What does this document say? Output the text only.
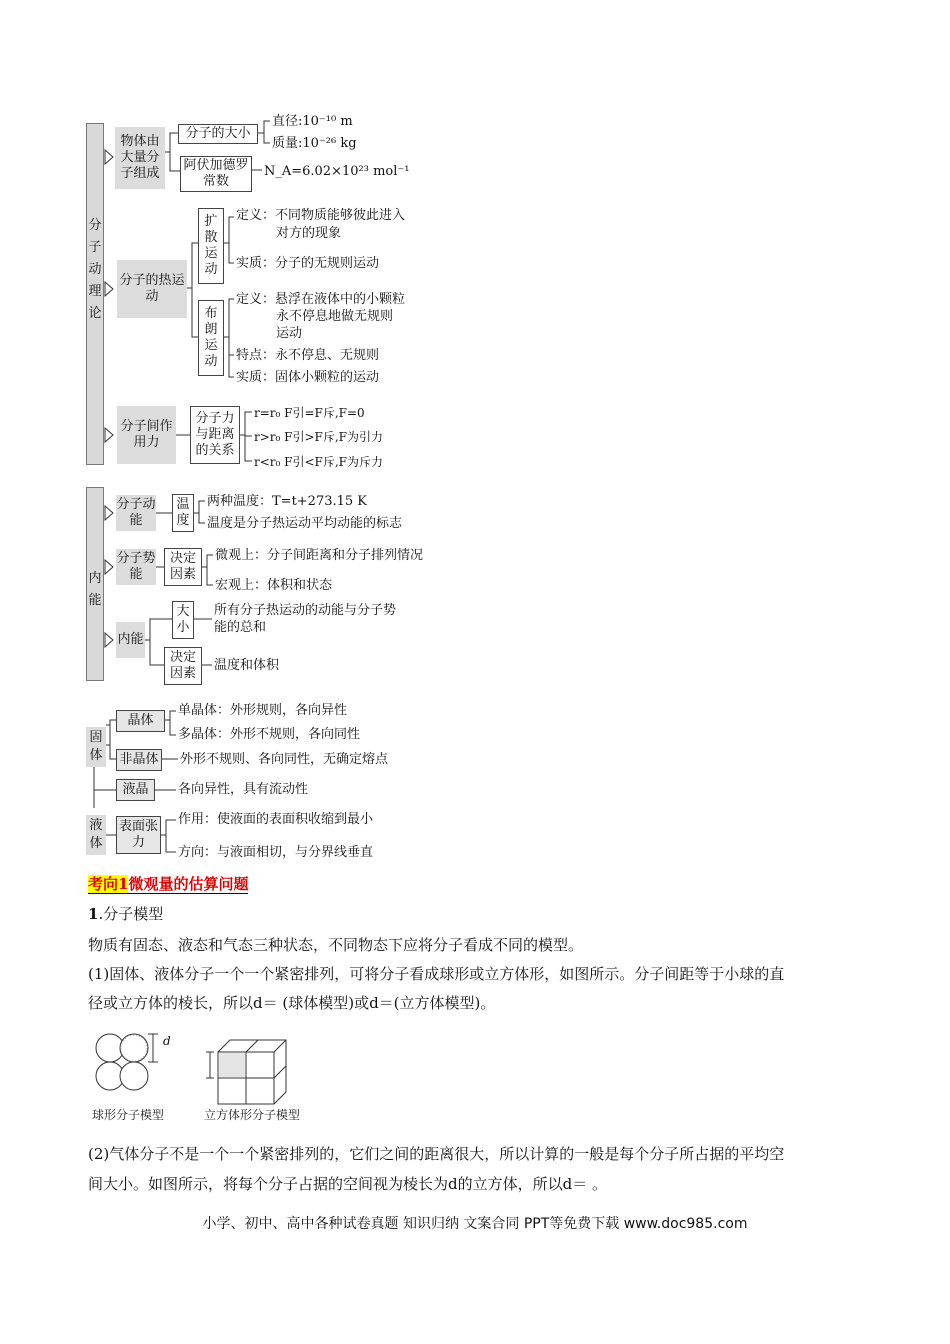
分子动理论
物体由大量分子组成
分子的大小
直径:10⁻¹⁰ m
质量:10⁻²⁶ kg
阿伏加德罗常数
N_A=6.02×10²³ mol⁻¹
分子的热运动
扩散运动
定义：不同物质能够彼此进入
对方的现象
实质：分子的无规则运动
布朗运动
定义：悬浮在液体中的小颗粒
永不停息地做无规则
运动
特点：永不停息、无规则
实质：固体小颗粒的运动
分子间作用力
分子力与距离的关系
r=r₀ F引=F斥,F=0
r>r₀ F引>F斥,F为引力
r<r₀ F引<F斥,F为斥力
内能
分子动能
温度
两种温度：T=t+273.15 K
温度是分子热运动平均动能的标志
分子势能
决定因素
微观上：分子间距离和分子排列情况
宏观上：体积和状态
内能
大小
所有分子热运动的动能与分子势
能的总和
决定因素
温度和体积
固体
液体
晶体
单晶体：外形规则，各向异性
多晶体：外形不规则，各向同性
非晶体 外形不规则、各向同性，无确定熔点
液晶	各向异性，具有流动性
表面张力
作用：使液面的表面积收缩到最小
方向：与液面相切，与分界线垂直
考向1微观量的估算问题
1.分子模型
物质有固态、液态和气态三种状态，不同物态下应将分子看成不同的模型。
(1)固体、液体分子一个一个紧密排列，可将分子看成球形或立方体形，如图所示。分子间距等于小球的直
径或立方体的棱长，所以d＝ (球体模型)或d＝(立方体模型)。
d
球形分子模型	立方体形分子模型
(2)气体分子不是一个一个紧密排列的，它们之间的距离很大，所以计算的一般是每个分子所占据的平均空
间大小。如图所示，将每个分子占据的空间视为棱长为d的立方体，所以d＝ 。
小学、初中、高中各种试卷真题 知识归纳 文案合同 PPT等免费下载 www.doc985.com
